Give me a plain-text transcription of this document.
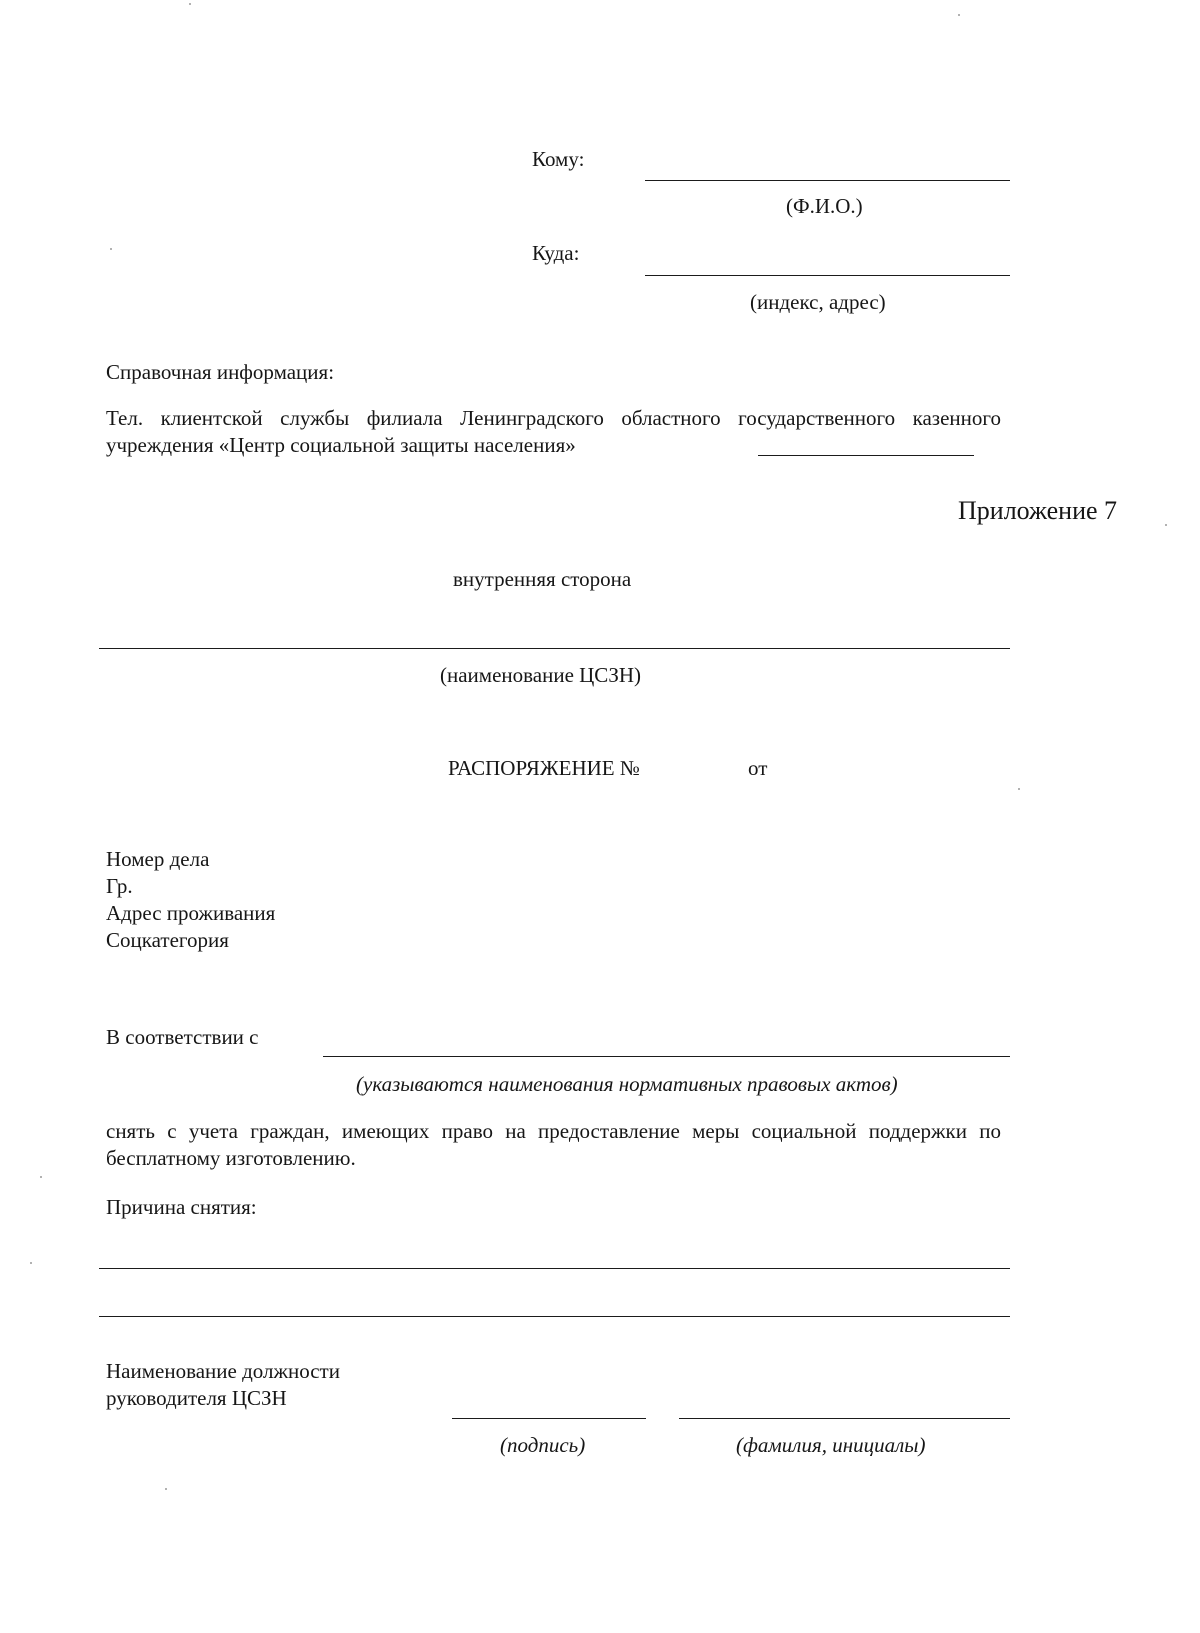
Кому:
(Ф.И.О.)
Куда:
(индекс, адрес)
Справочная информация:
Тел. клиентской службы филиала Ленинградского областного государственного казенного учреждения «Центр социальной защиты населения»
Приложение 7
внутренняя сторона
(наименование ЦСЗН)
РАСПОРЯЖЕНИЕ №	от
Номер дела
Гр.
Адрес проживания
Соцкатегория
В соответствии с
(указываются наименования нормативных правовых актов)
снять с учета граждан, имеющих право на предоставление меры социальной поддержки по бесплатному изготовлению.
Причина снятия:
Наименование должности
руководителя ЦСЗН
(подпись)	(фамилия, инициалы)
